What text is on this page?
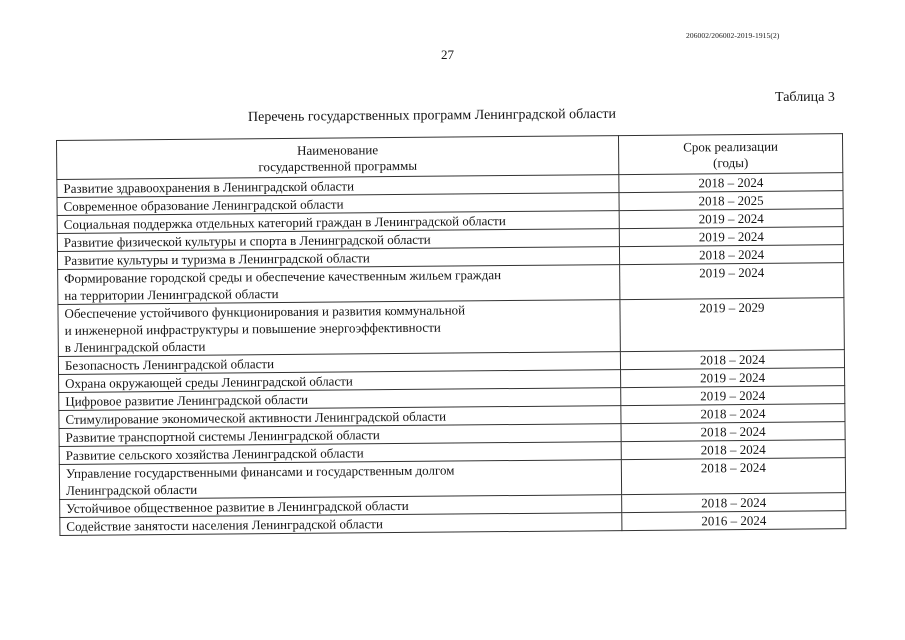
206002/206002-2019-1915(2)
27
Таблица 3
Перечень государственных программ Ленинградской области
Наименование
государственной программы	Срок реализации
(годы)
Развитие здравоохранения в Ленинградской области	2018 – 2024
Современное образование Ленинградской области	2018 – 2025
Социальная поддержка отдельных категорий граждан в Ленинградской области	2019 – 2024
Развитие физической культуры и спорта в Ленинградской области	2019 – 2024
Развитие культуры и туризма в Ленинградской области	2018 – 2024
Формирование городской среды и обеспечение качественным жильем граждан
на территории Ленинградской области	2019 – 2024
Обеспечение устойчивого функционирования и развития коммунальной
и инженерной инфраструктуры и повышение энергоэффективности
в Ленинградской области	2019 – 2029
Безопасность Ленинградской области	2018 – 2024
Охрана окружающей среды Ленинградской области	2019 – 2024
Цифровое развитие Ленинградской области	2019 – 2024
Стимулирование экономической активности Ленинградской области	2018 – 2024
Развитие транспортной системы Ленинградской области	2018 – 2024
Развитие сельского хозяйства Ленинградской области	2018 – 2024
Управление государственными финансами и государственным долгом
Ленинградской области	2018 – 2024
Устойчивое общественное развитие в Ленинградской области	2018 – 2024
Содействие занятости населения Ленинградской области	2016 – 2024
